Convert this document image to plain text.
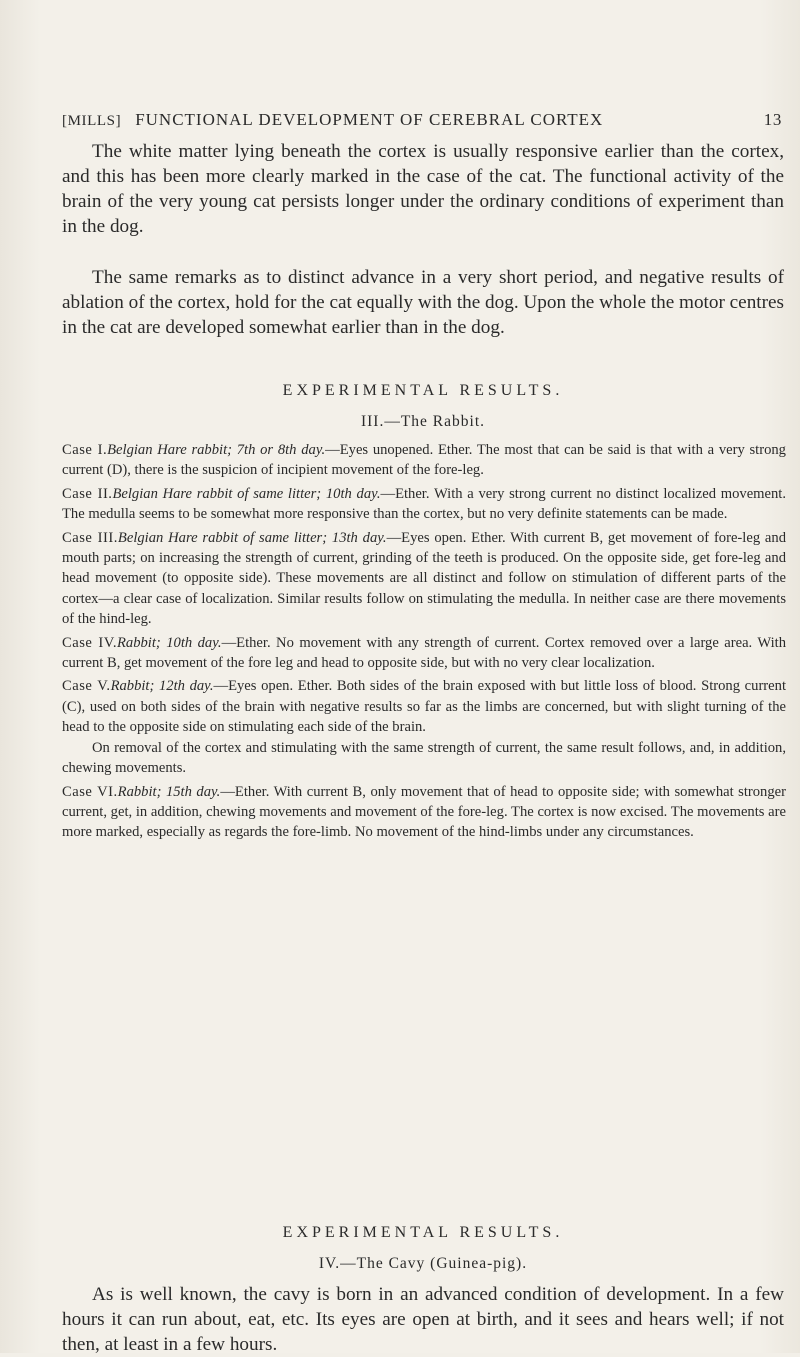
[MILLS] FUNCTIONAL DEVELOPMENT OF CEREBRAL CORTEX	13

The white matter lying beneath the cortex is usually responsive earlier than the cortex, and this has been more clearly marked in the case of the cat. The functional activity of the brain of the very young cat persists longer under the ordinary conditions of experiment than in the dog.

The same remarks as to distinct advance in a very short period, and negative results of ablation of the cortex, hold for the cat equally with the dog. Upon the whole the motor centres in the cat are developed somewhat earlier than in the dog.

EXPERIMENTAL RESULTS.
III.—The Rabbit.

Case I.Belgian Hare rabbit; 7th or 8th day.—Eyes unopened. Ether. The most that can be said is that with a very strong current (D), there is the suspicion of incipient movement of the fore-leg.

Case II.Belgian Hare rabbit of same litter; 10th day.—Ether. With a very strong current no distinct localized movement. The medulla seems to be somewhat more responsive than the cortex, but no very definite statements can be made.

Case III.Belgian Hare rabbit of same litter; 13th day.—Eyes open. Ether. With current B, get movement of fore-leg and mouth parts; on increasing the strength of current, grinding of the teeth is produced. On the opposite side, get fore-leg and head movement (to opposite side). These movements are all distinct and follow on stimulation of different parts of the cortex—a clear case of localization. Similar results follow on stimulating the medulla. In neither case are there movements of the hind-leg.

Case IV.Rabbit; 10th day.—Ether. No movement with any strength of current. Cortex removed over a large area. With current B, get movement of the fore leg and head to opposite side, but with no very clear localization.

Case V.Rabbit; 12th day.—Eyes open. Ether. Both sides of the brain exposed with but little loss of blood. Strong current (C), used on both sides of the brain with negative results so far as the limbs are concerned, but with slight turning of the head to the opposite side on stimulating each side of the brain.

On removal of the cortex and stimulating with the same strength of current, the same result follows, and, in addition, chewing movements.

Case VI.Rabbit; 15th day.—Ether. With current B, only movement that of head to opposite side; with somewhat stronger current, get, in addition, chewing movements and movement of the fore-leg. The cortex is now excised. The movements are more marked, especially as regards the fore-limb. No movement of the hind-limbs under any circumstances.

EXPERIMENTAL RESULTS.
IV.—The Cavy (Guinea-pig).

As is well known, the cavy is born in an advanced condition of development. In a few hours it can run about, eat, etc. Its eyes are open at birth, and it sees and hears well; if not then, at least in a few hours.
